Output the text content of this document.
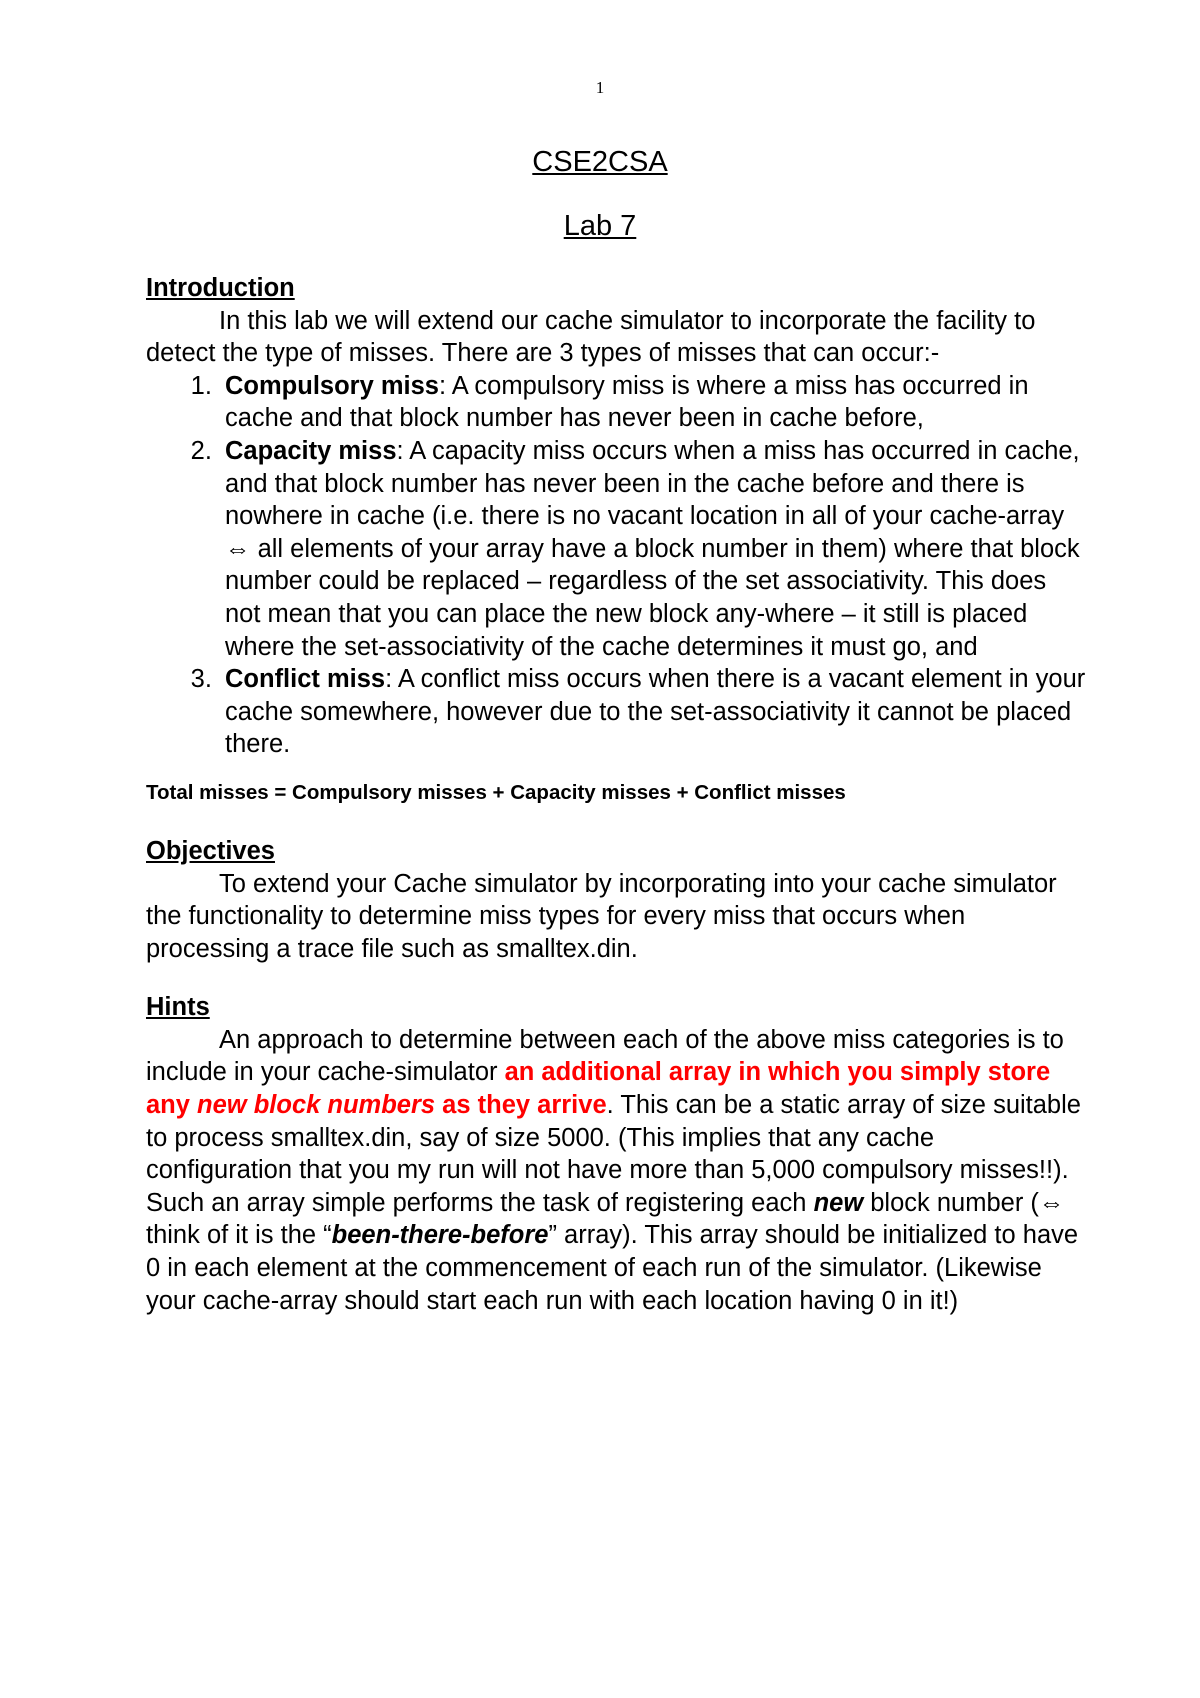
1
CSE2CSA
Lab 7
Introduction

In this lab we will extend our cache simulator to incorporate the facility to detect the type of misses. There are 3 types of misses that can occur:-

1. Compulsory miss: A compulsory miss is where a miss has occurred in cache and that block number has never been in cache before,
2. Capacity miss: A capacity miss occurs when a miss has occurred in cache, and that block number has never been in the cache before and there is nowhere in cache (i.e. there is no vacant location in all of your cache-array ⇔ all elements of your array have a block number in them) where that block number could be replaced – regardless of the set associativity. This does not mean that you can place the new block any-where – it still is placed where the set-associativity of the cache determines it must go, and
3. Conflict miss: A conflict miss occurs when there is a vacant element in your cache somewhere, however due to the set-associativity it cannot be placed there.

Total misses = Compulsory misses + Capacity misses + Conflict misses

Objectives

To extend your Cache simulator by incorporating into your cache simulator the functionality to determine miss types for every miss that occurs when processing a trace file such as smalltex.din.

Hints

An approach to determine between each of the above miss categories is to include in your cache-simulator an additional array in which you simply store any new block numbers as they arrive. This can be a static array of size suitable to process smalltex.din, say of size 5000. (This implies that any cache configuration that you my run will not have more than 5,000 compulsory misses!!). Such an array simple performs the task of registering each new block number (⇔ think of it is the “been-there-before” array). This array should be initialized to have 0 in each element at the commencement of each run of the simulator. (Likewise your cache-array should start each run with each location having 0 in it!)
